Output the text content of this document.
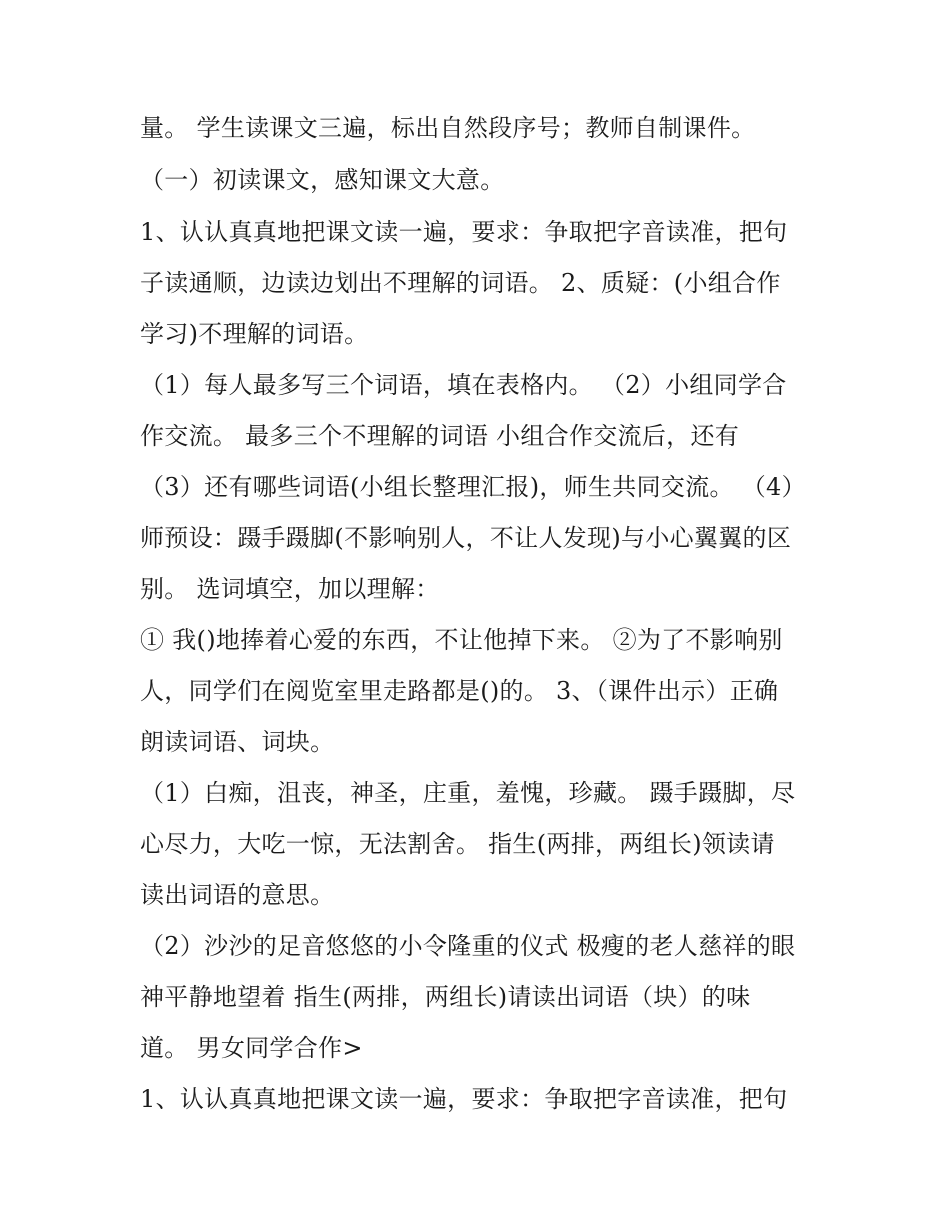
量。 学生读课文三遍，标出自然段序号；教师自制课件。
（一）初读课文，感知课文大意。
1、认认真真地把课文读一遍，要求：争取把字音读准，把句
子读通顺，边读边划出不理解的词语。 2、质疑：(小组合作
学习)不理解的词语。
（1）每人最多写三个词语，填在表格内。 （2）小组同学合
作交流。 最多三个不理解的词语 小组合作交流后，还有
（3）还有哪些词语(小组长整理汇报)，师生共同交流。 （4）
师预设：蹑手蹑脚(不影响别人，不让人发现)与小心翼翼的区
别。 选词填空，加以理解：
① 我()地捧着心爱的东西，不让他掉下来。 ②为了不影响别
人，同学们在阅览室里走路都是()的。 3、（课件出示）正确
朗读词语、词块。
（1）白痴，沮丧，神圣，庄重，羞愧，珍藏。 蹑手蹑脚，尽
心尽力，大吃一惊，无法割舍。 指生(两排，两组长)领读请
读出词语的意思。
（2）沙沙的足音悠悠的小令隆重的仪式 极瘦的老人慈祥的眼
神平静地望着 指生(两排，两组长)请读出词语（块）的味
道。 男女同学合作>
1、认认真真地把课文读一遍，要求：争取把字音读准，把句
